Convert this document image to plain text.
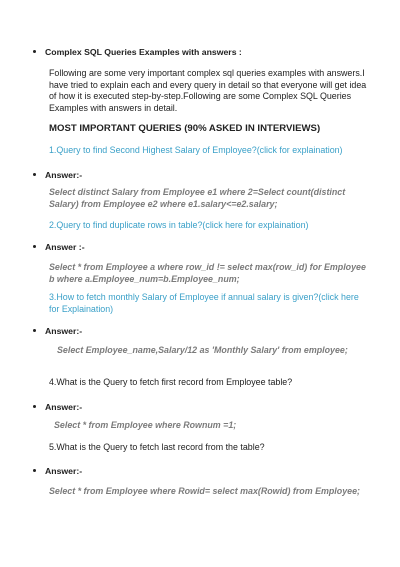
Complex SQL Queries Examples with answers :

Following are some very important complex sql queries examples with answers.I have tried to explain each and every query in detail so that everyone will get idea of how it is executed step-by-step.Following are some Complex SQL Queries Examples with answers in detail.

MOST IMPORTANT QUERIES (90% ASKED IN INTERVIEWS)

1.Query to find Second Highest Salary of Employee?(click for explaination)

Answer:-

Select distinct Salary from Employee e1 where 2=Select count(distinct Salary) from Employee e2 where e1.salary<=e2.salary;

2.Query to find duplicate rows in table?(click here for explaination)

Answer :-

Select * from Employee a where row_id != select max(row_id) for Employee b where a.Employee_num=b.Employee_num;

3.How to fetch monthly Salary of Employee if annual salary is given?(click here for Explaination)

Answer:-

Select Employee_name,Salary/12 as 'Monthly Salary' from employee;

4.What is the Query to fetch first record from Employee table?

Answer:-

Select * from Employee where Rownum =1;

5.What is the Query to fetch last record from the table?

Answer:-

Select * from Employee where Rowid= select max(Rowid) from Employee;
